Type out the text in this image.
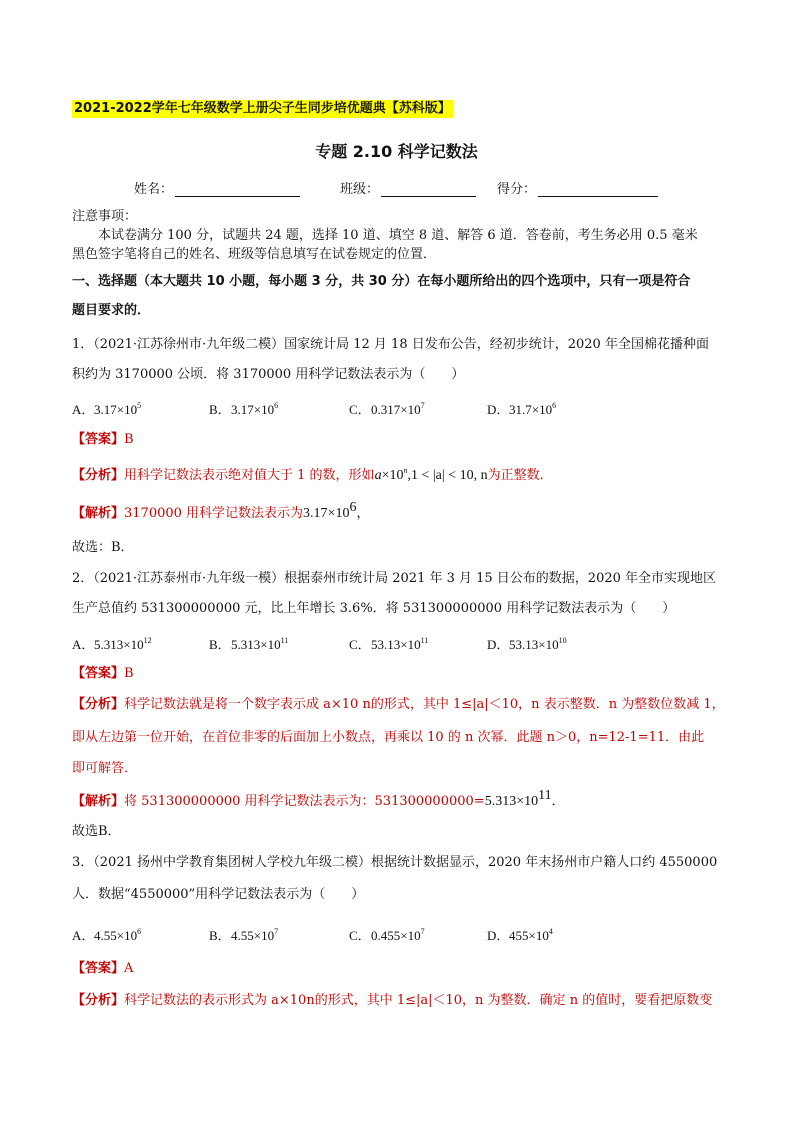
2021-2022学年七年级数学上册尖子生同步培优题典【苏科版】
专题 2.10 科学记数法
姓名：	班级：	得分：
注意事项：
本试卷满分 100 分，试题共 24 题，选择 10 道、填空 8 道、解答 6 道．答卷前，考生务必用 0.5 毫米
黑色签字笔将自己的姓名、班级等信息填写在试卷规定的位置．
一、选择题（本大题共 10 小题，每小题 3 分，共 30 分）在每小题所给出的四个选项中，只有一项是符合
题目要求的．
1．（2021·江苏徐州市·九年级二模）国家统计局 12 月 18 日发布公告，经初步统计，2020 年全国棉花播种面
积约为 3170000 公顷．将 3170000 用科学记数法表示为（　　）
A．$3.17\times 10^5$	B．$3.17\times 10^6$	C．$0.317\times 10^7$	D．$31.7\times 10^6$
【答案】B
【分析】用科学记数法表示绝对值大于 1 的数，形如$a\times 10^n,1 < |a| < 10$, n为正整数．
【解析】3170000 用科学记数法表示为$3.17\times 10^6$，
故选：B．
2．（2021·江苏泰州市·九年级一模）根据泰州市统计局 2021 年 3 月 15 日公布的数据，2020 年全市实现地区
生产总值约 531300000000 元，比上年增长 3.6%．将 531300000000 用科学记数法表示为（　　）
A．$5.313\times 10^{12}$	B．$5.313\times 10^{11}$	C．$53.13\times 10^{11}$	D．$53.13\times 10^{10}$
【答案】B
【分析】科学记数法就是将一个数字表示成 a×10 n的形式，其中 1≤|a|＜10，n 表示整数．n 为整数位数减 1，
即从左边第一位开始，在首位非零的后面加上小数点，再乘以 10 的 n 次幂．此题 n＞0，n=12-1=11．由此
即可解答．
【解析】将 531300000000 用科学记数法表示为：$531300000000=5.313\times 10^{11}$．
故选B．
3．（2021 扬州中学教育集团树人学校九年级二模）根据统计数据显示，2020 年末扬州市户籍人口约 4550000
人．数据“4550000”用科学记数法表示为（　　）
A．$4.55\times 10^6$	B．$4.55\times 10^7$	C．$0.455\times 10^7$	D．$455\times 10^4$
【答案】A
【分析】科学记数法的表示形式为 a×10n的形式，其中 1≤|a|＜10，n 为整数．确定 n 的值时，要看把原数变
